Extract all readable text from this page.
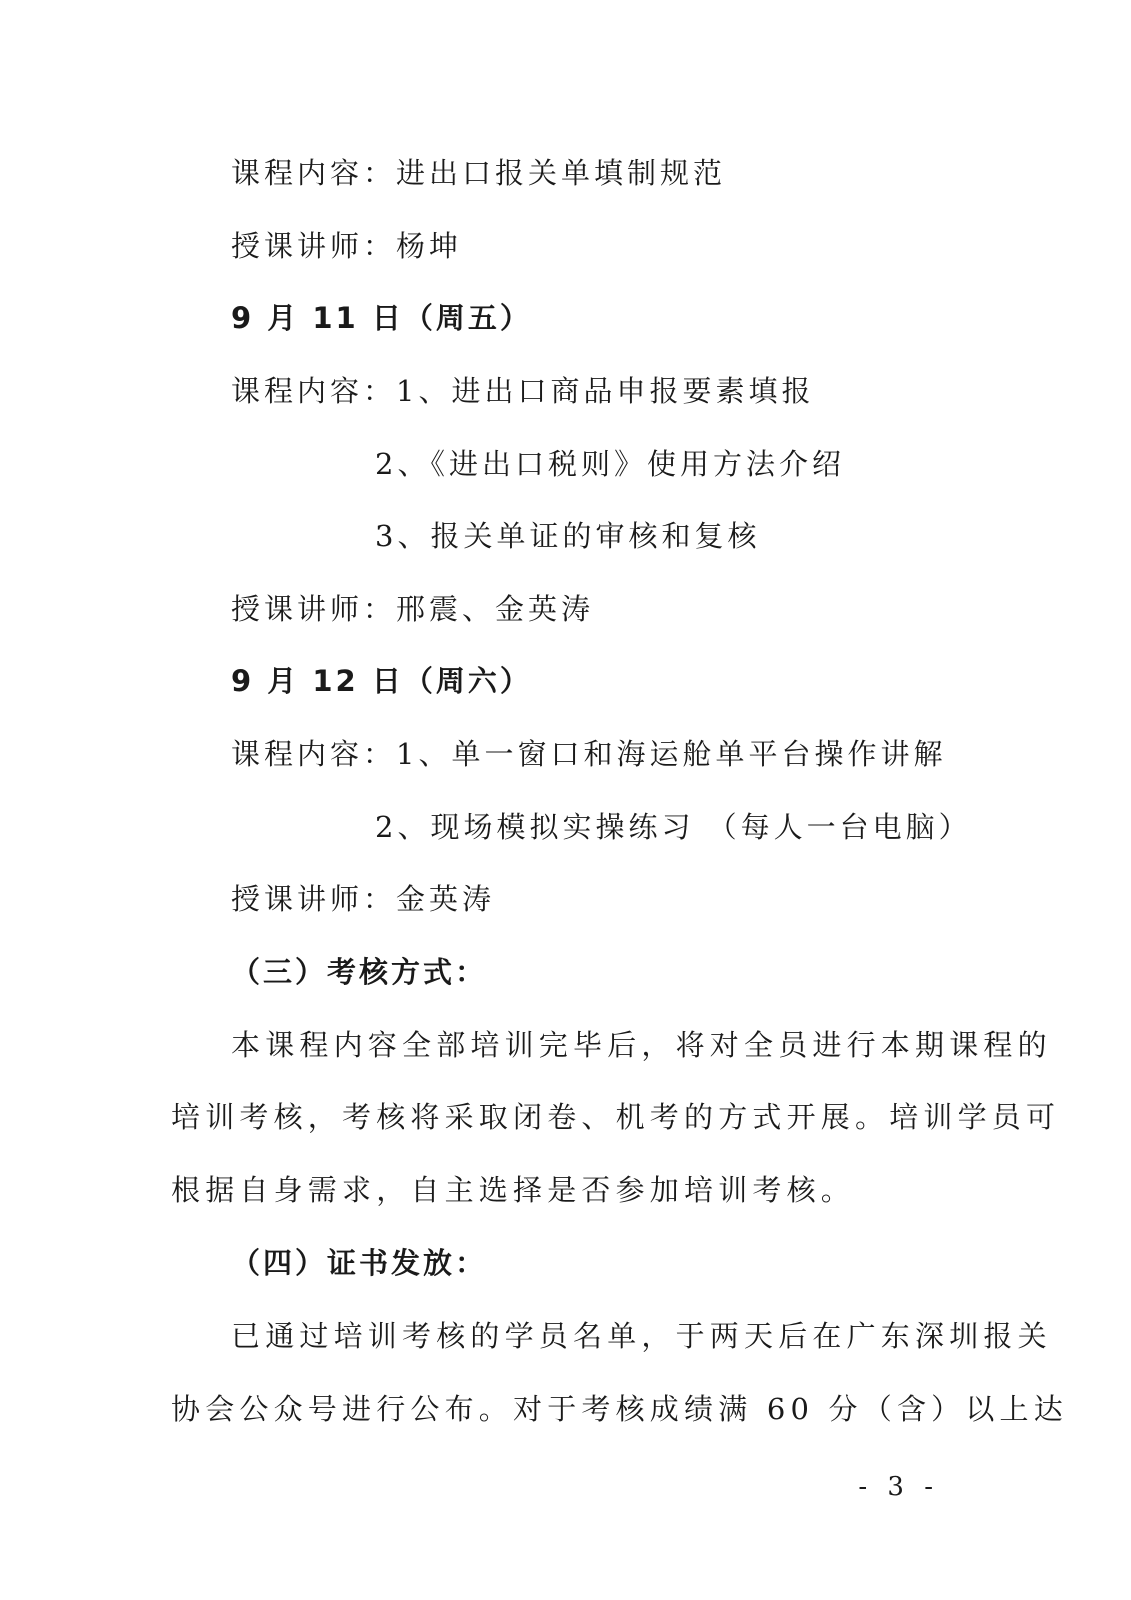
课程内容：进出口报关单填制规范
授课讲师：杨坤
9 月 11 日（周五）
课程内容：1、进出口商品申报要素填报
2、《进出口税则》使用方法介绍
3、报关单证的审核和复核
授课讲师：邢震、金英涛
9 月 12 日（周六）
课程内容：1、单一窗口和海运舱单平台操作讲解
2、现场模拟实操练习 （每人一台电脑）
授课讲师：金英涛
（三）考核方式：
本课程内容全部培训完毕后，将对全员进行本期课程的
培训考核，考核将采取闭卷、机考的方式开展。培训学员可
根据自身需求，自主选择是否参加培训考核。
（四）证书发放：
已通过培训考核的学员名单，于两天后在广东深圳报关
协会公众号进行公布。对于考核成绩满 60 分（含）以上达
- 3 -
